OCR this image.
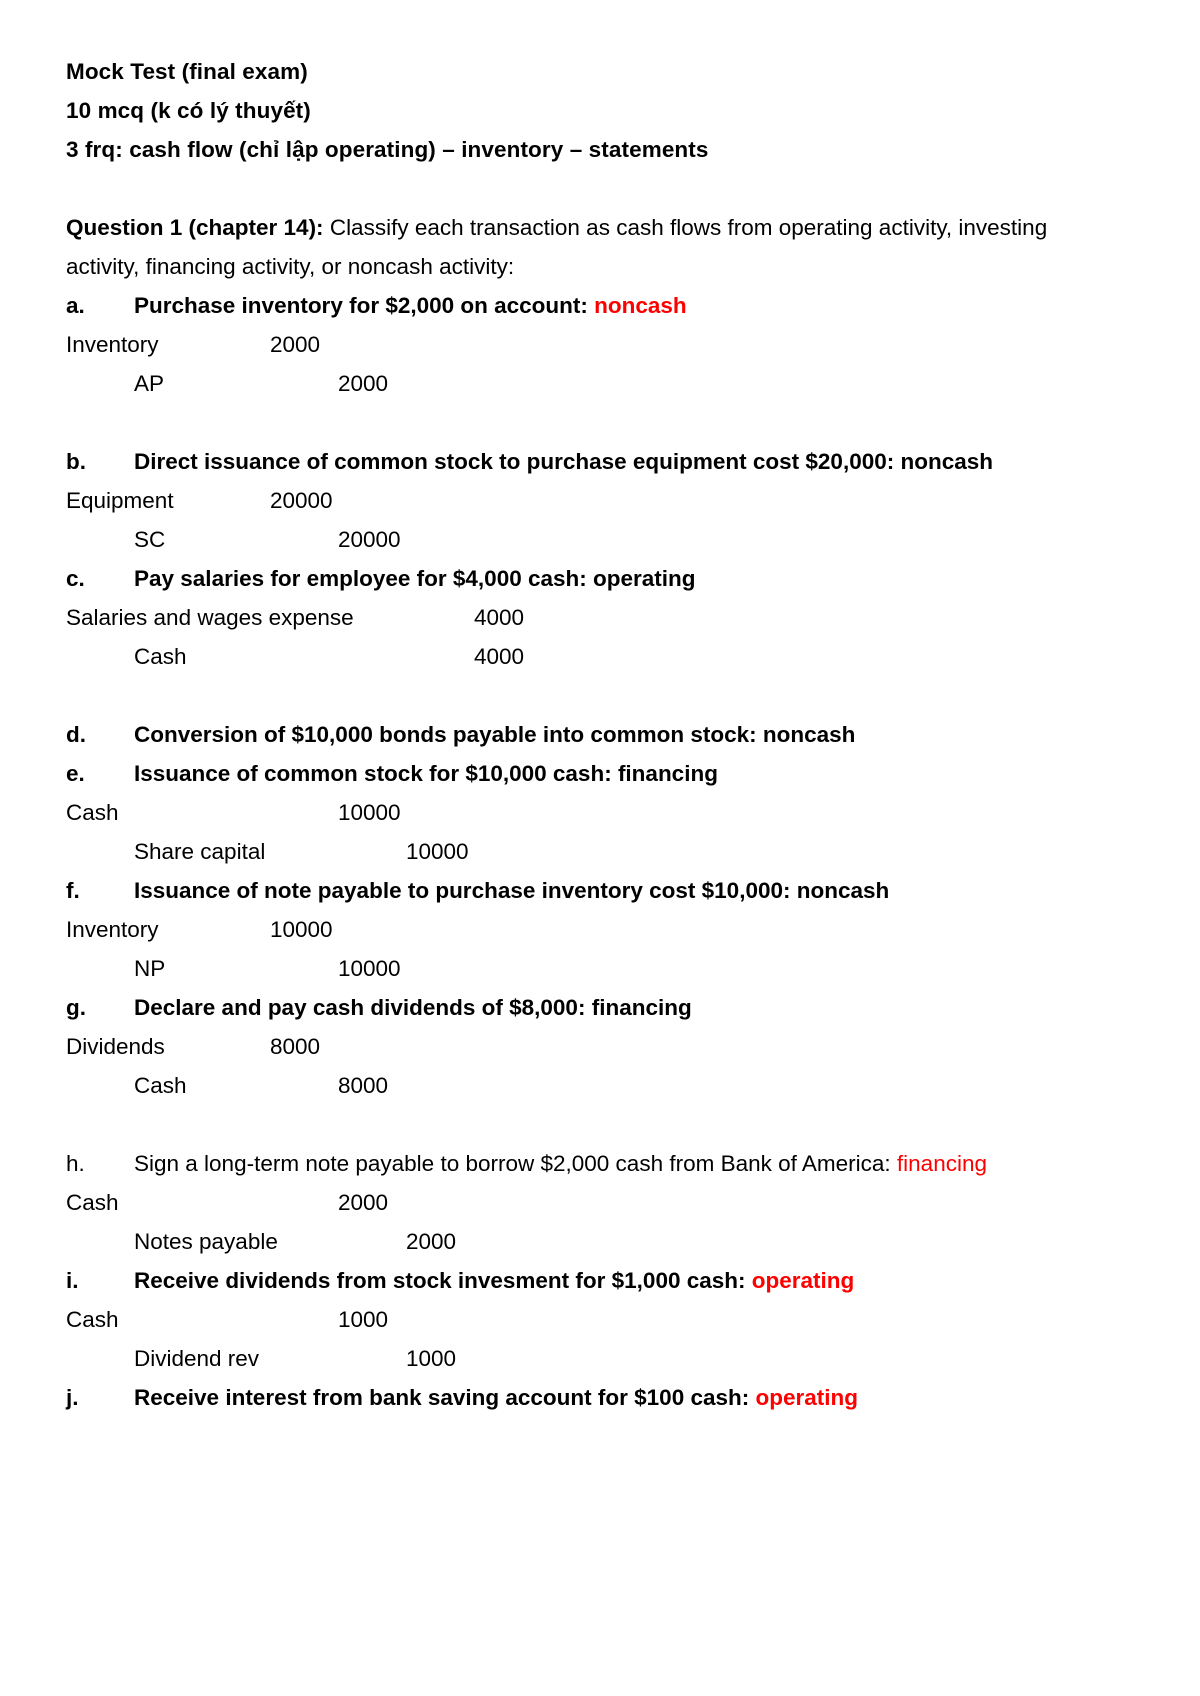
Mock Test (final exam)
10 mcq (k có lý thuyết)
3 frq: cash flow (chỉ lập operating) – inventory – statements
Question 1 (chapter 14): Classify each transaction as cash flows from operating activity, investing activity, financing activity, or noncash activity:
a.	Purchase inventory for $2,000 on account: noncash
Inventory	2000
AP	2000
b.	Direct issuance of common stock to purchase equipment cost $20,000: noncash
Equipment	20000
SC	20000
c.	Pay salaries for employee for $4,000 cash: operating
Salaries and wages expense	4000
Cash	4000
d.	Conversion of $10,000 bonds payable into common stock: noncash
e.	Issuance of common stock for $10,000 cash: financing
Cash	10000
Share capital	10000
f.	Issuance of note payable to purchase inventory cost $10,000: noncash
Inventory	10000
NP	10000
g.	Declare and pay cash dividends of $8,000: financing
Dividends	8000
Cash	8000
h.	Sign a long-term note payable to borrow $2,000 cash from Bank of America: financing
Cash	2000
Notes payable	2000
i.	Receive dividends from stock invesment for $1,000 cash: operating
Cash	1000
Dividend rev	1000
j.	Receive interest from bank saving account for $100 cash: operating
